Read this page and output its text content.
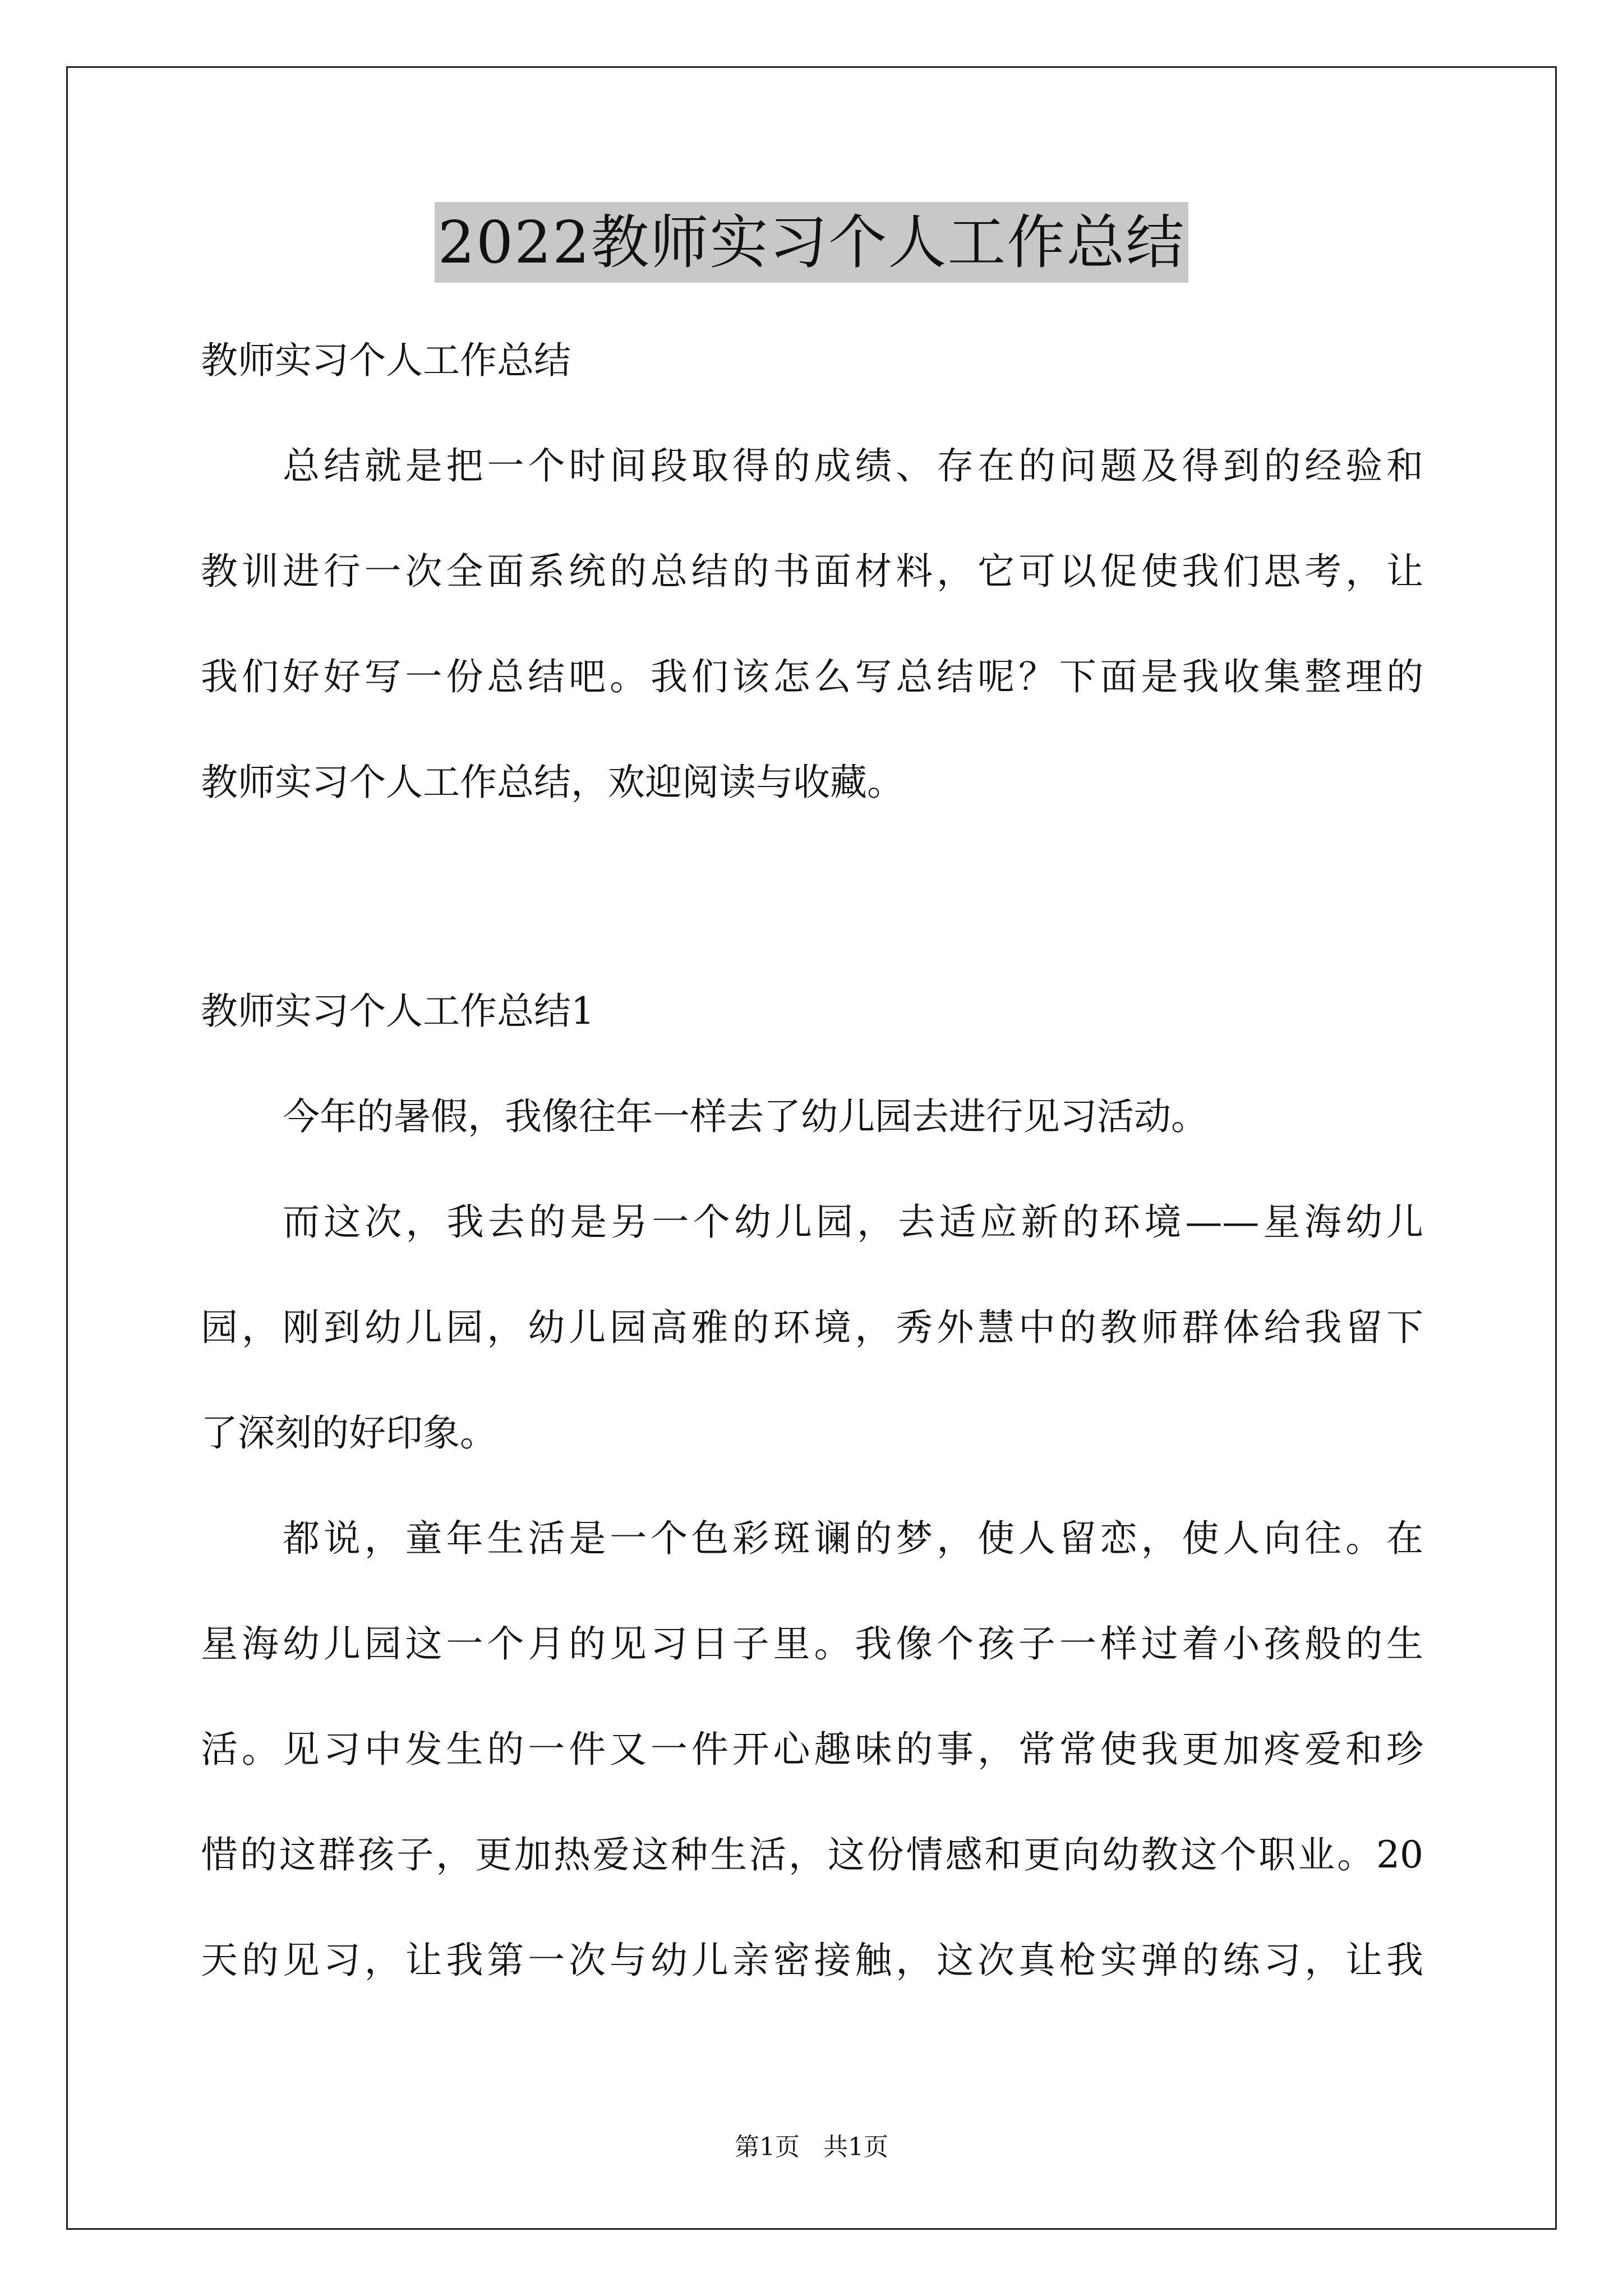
2022教师实习个人工作总结
教师实习个人工作总结
总结就是把一个时间段取得的成绩、存在的问题及得到的经验和
教训进行一次全面系统的总结的书面材料，它可以促使我们思考，让
我们好好写一份总结吧。我们该怎么写总结呢？下面是我收集整理的
教师实习个人工作总结，欢迎阅读与收藏。
教师实习个人工作总结1
今年的暑假，我像往年一样去了幼儿园去进行见习活动。
而这次，我去的是另一个幼儿园，去适应新的环境——星海幼儿
园，刚到幼儿园，幼儿园高雅的环境，秀外慧中的教师群体给我留下
了深刻的好印象。
都说，童年生活是一个色彩斑谰的梦，使人留恋，使人向往。在
星海幼儿园这一个月的见习日子里。我像个孩子一样过着小孩般的生
活。见习中发生的一件又一件开心趣味的事，常常使我更加疼爱和珍
惜的这群孩子，更加热爱这种生活，这份情感和更向幼教这个职业。20
天的见习，让我第一次与幼儿亲密接触，这次真枪实弹的练习，让我
第1页 共1页
